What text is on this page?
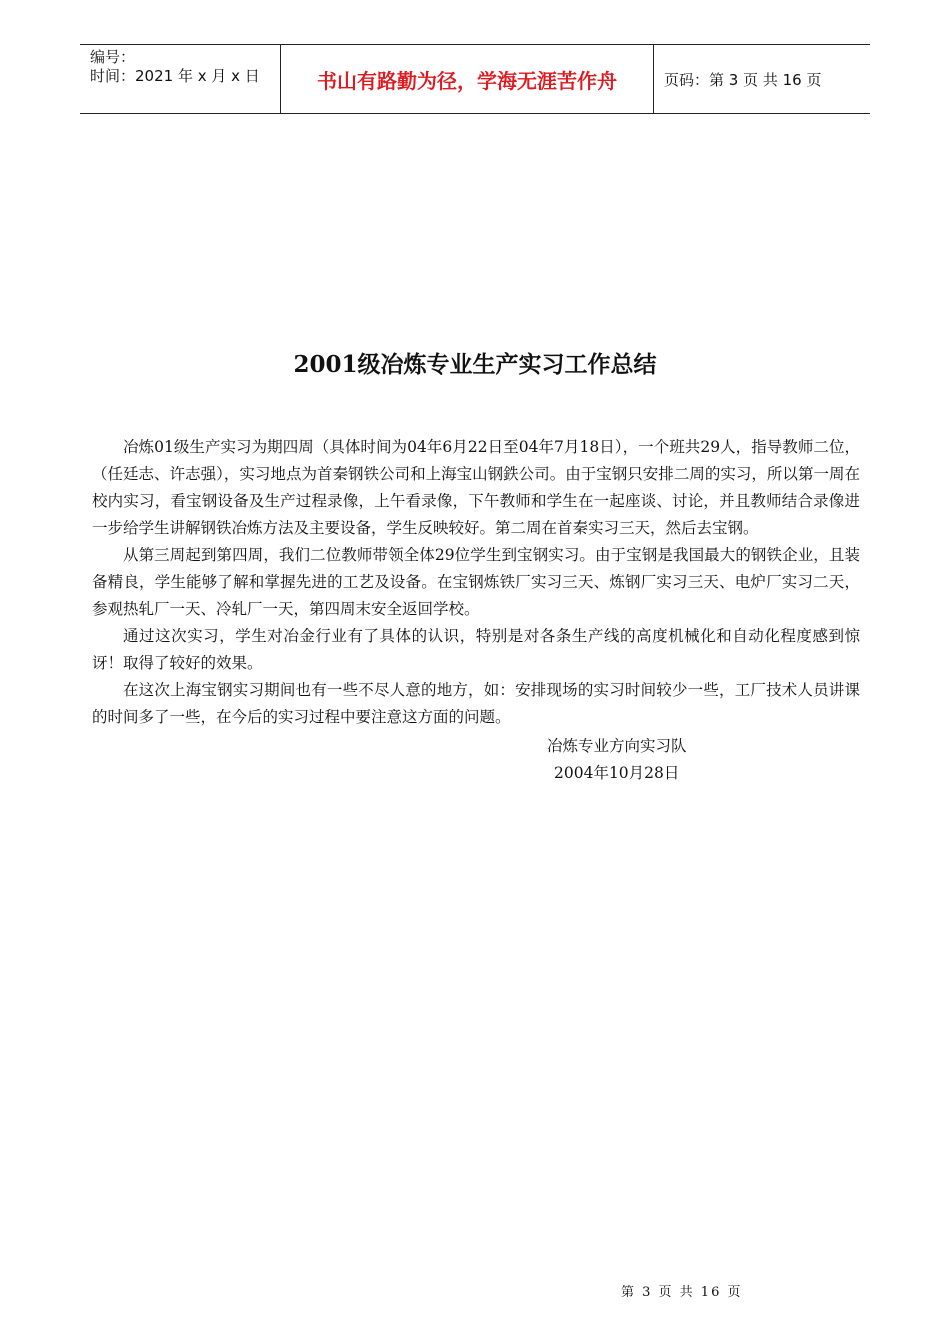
编号：
时间：2021 年 x 月 x 日	书山有路勤为径，学海无涯苦作舟	页码：第 3 页 共 16 页
2001级冶炼专业生产实习工作总结

冶炼01级生产实习为期四周（具体时间为04年6月22日至04年7月18日），一个班共29人，指导教师二位，（任廷志、许志强），实习地点为首秦钢铁公司和上海宝山钢鉄公司。由于宝钢只安排二周的实习，所以第一周在校内实习，看宝钢设备及生产过程录像，上午看录像，下午教师和学生在一起座谈、讨论，并且教师结合录像进一步给学生讲解钢铁冶炼方法及主要设备，学生反映较好。第二周在首秦实习三天，然后去宝钢。

从第三周起到第四周，我们二位教师带领全体29位学生到宝钢实习。由于宝钢是我国最大的钢铁企业，且装备精良，学生能够了解和掌握先进的工艺及设备。在宝钢炼铁厂实习三天、炼钢厂实习三天、电炉厂实习二天，参观热轧厂一天、冷轧厂一天，第四周末安全返回学校。

通过这次实习，学生对冶金行业有了具体的认识，特别是对各条生产线的高度机械化和自动化程度感到惊讶！取得了较好的效果。

在这次上海宝钢实习期间也有一些不尽人意的地方，如：安排现场的实习时间较少一些，工厂技术人员讲课的时间多了一些，在今后的实习过程中要注意这方面的问题。

冶炼专业方向实习队
2004年10月28日
第 3 页 共 16 页
